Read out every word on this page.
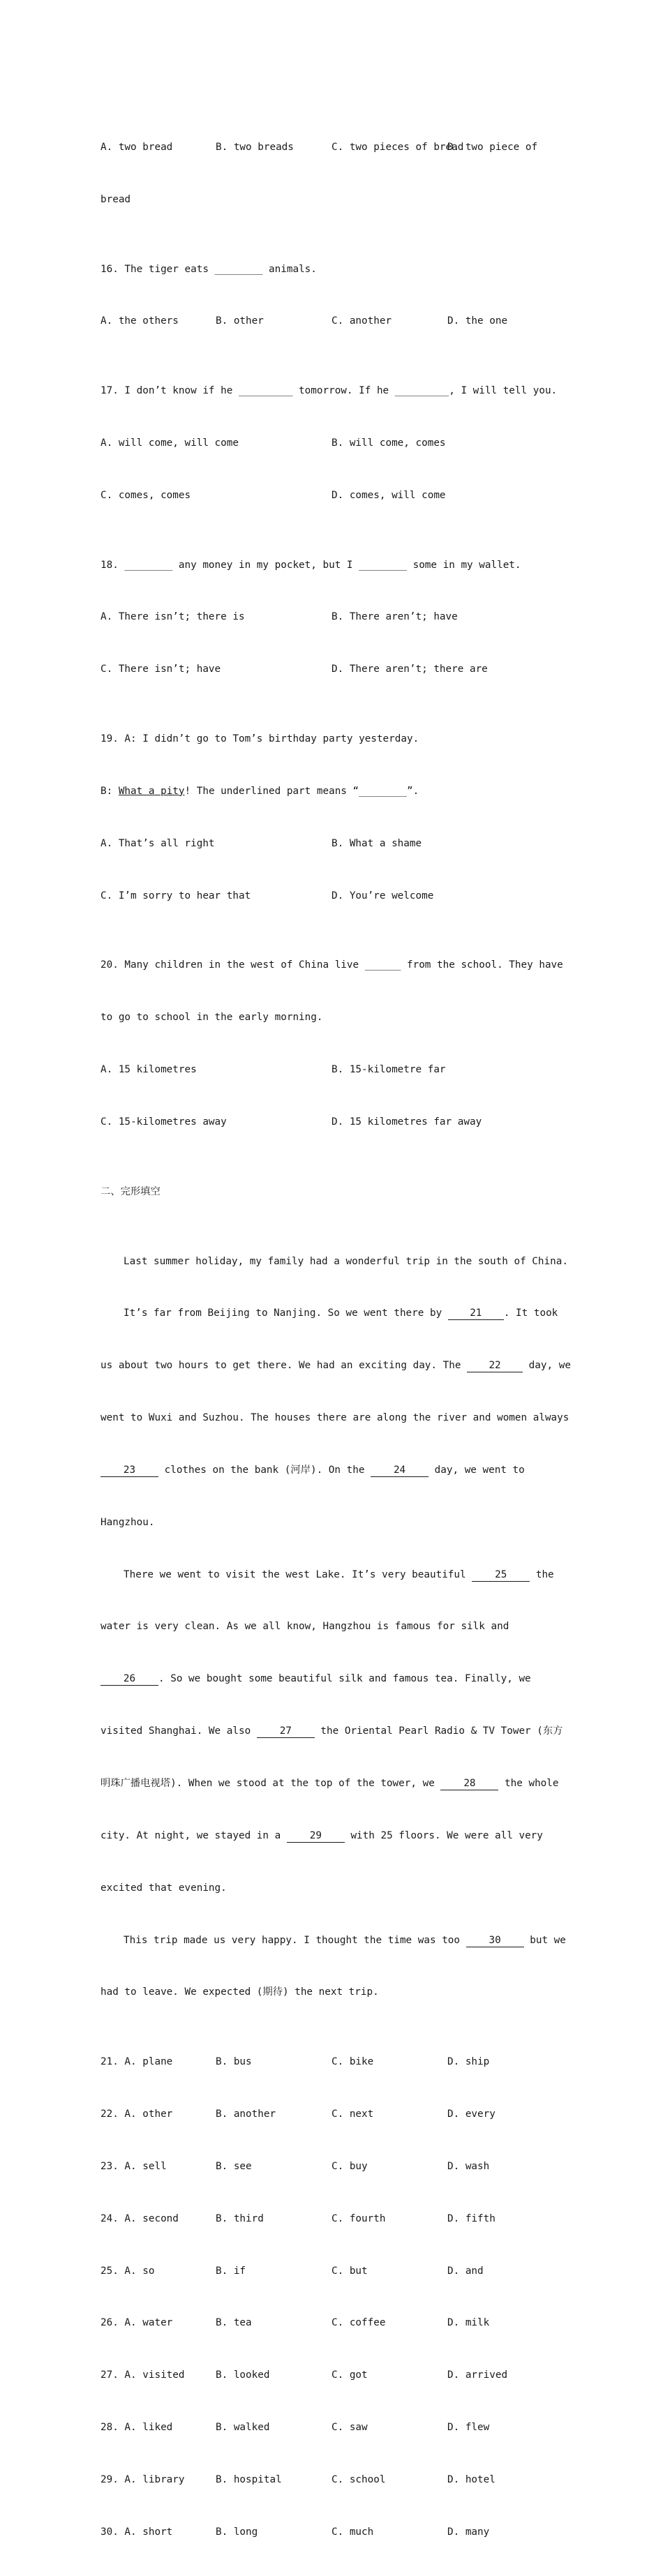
A. two bread

	B. two breads

	C. two pieces of bread

D. two piece of

bread

16. The tiger eats ________ animals.

A. the others

	B. other

	C. another

	D. the one

17. I don’t know if he _________ tomorrow. If he _________, I will tell you.

A. will come, will come

	B. will come, comes

C. comes, comes

	D. comes, will come

18. ________ any money in my pocket, but I ________ some in my wallet.

A. There isn’t; there is

	B. There aren’t; have

C. There isn’t; have

	D. There aren’t; there are

19. A: I didn’t go to Tom’s birthday party yesterday.

B: What a pity! The underlined part means “________”.

A. That’s all right

	B. What a shame

C. I’m sorry to hear that

	D. You’re welcome

20. Many children in the west of China live ______ from the school. They have

to go to school in the early morning.

A. 15 kilometres

	B. 15-kilometre far

C. 15-kilometres away

	D. 15 kilometres far away

二、完形填空

Last summer holiday, my family had a wonderful trip in the south of China.

It’s far from Beijing to Nanjing. So we went there by 21 . It took

us about two hours to get there. We had an exciting day. The 22 day, we

went to Wuxi and Suzhou. The houses there are along the river and women always

23 clothes on the bank (河岸). On the 24 day, we went to

Hangzhou.

There we went to visit the west Lake. It’s very beautiful 25 the

water is very clean. As we all know, Hangzhou is famous for silk and

26 . So we bought some beautiful silk and famous tea. Finally, we

visited Shanghai. We also 27 the Oriental Pearl Radio & TV Tower (东方

明珠广播电视塔). When we stood at the top of the tower, we 28 the whole

city. At night, we stayed in a 29 with 25 floors. We were all very

excited that evening.

This trip made us very happy. I thought the time was too 30 but we

had to leave. We expected (期待) the next trip.

21. A. plane	B. bus	C. bike	D. ship

22. A. other	B. another	C. next	D. every

23. A. sell	B. see	C. buy	D. wash

24. A. second	B. third	C. fourth	D. fifth

25. A. so	B. if	C. but	D. and

26. A. water	B. tea	C. coffee	D. milk

27. A. visited	B. looked	C. got	D. arrived

28. A. liked	B. walked	C. saw	D. flew

29. A. library	B. hospital	C. school	D. hotel

30. A. short	B. long	C. much	D. many
